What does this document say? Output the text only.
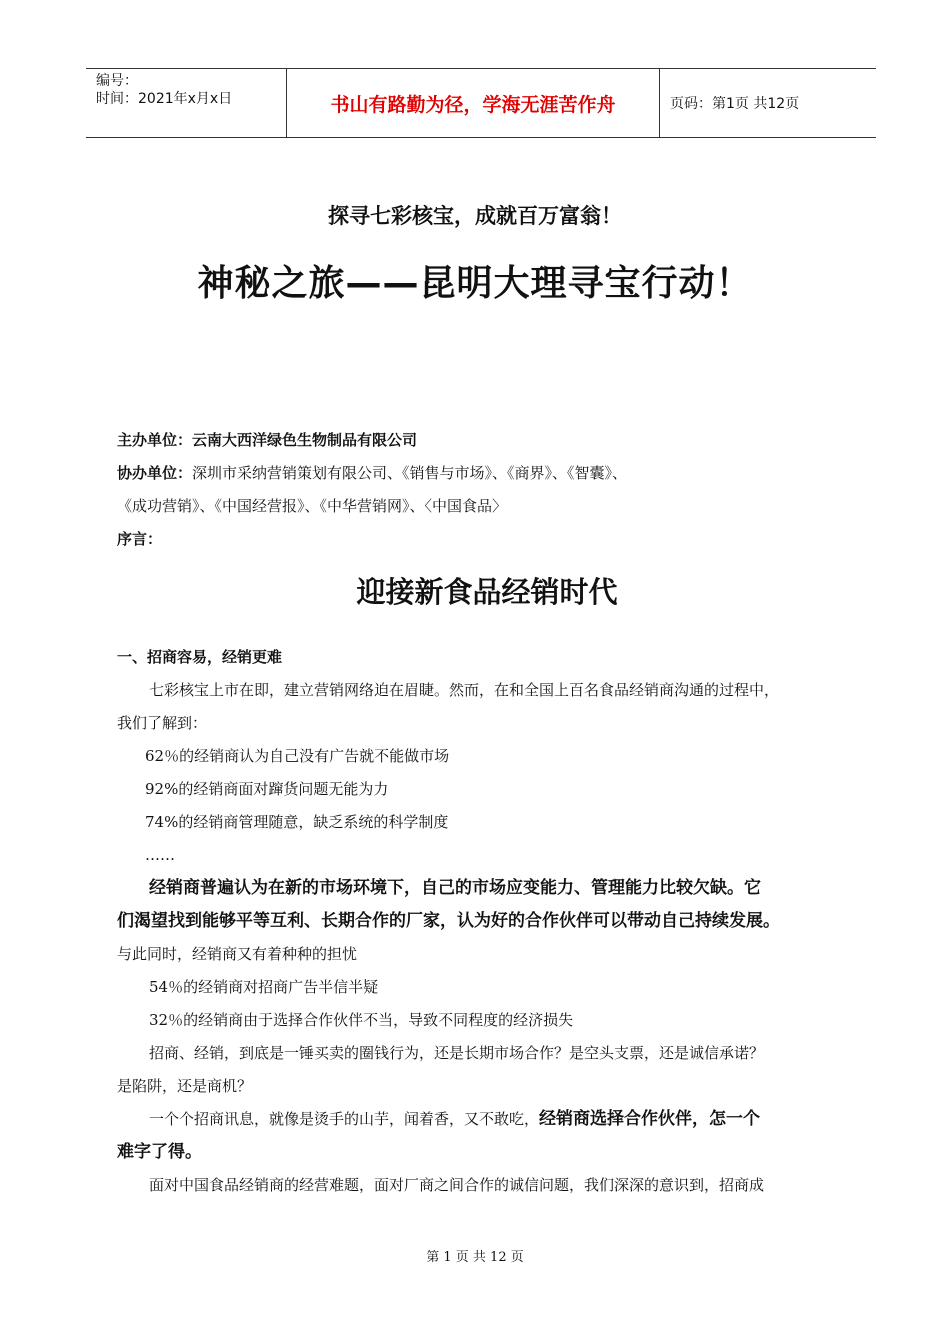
编号：
时间：2021年x月x日	书山有路勤为径，学海无涯苦作舟	页码：第1页 共12页
探寻七彩核宝，成就百万富翁！
神秘之旅——昆明大理寻宝行动！
主办单位：云南大西洋绿色生物制品有限公司
协办单位：深圳市采纳营销策划有限公司、《销售与市场》、《商界》、《智囊》、
《成功营销》、《中国经营报》、《中华营销网》、〈中国食品〉
序言：
迎接新食品经销时代
一、招商容易，经销更难
七彩核宝上市在即，建立营销网络迫在眉睫。然而，在和全国上百名食品经销商沟通的过程中，
我们了解到：
62％的经销商认为自己没有广告就不能做市场
92%的经销商面对蹿货问题无能为力
74%的经销商管理随意，缺乏系统的科学制度
……
经销商普遍认为在新的市场环境下，自己的市场应变能力、管理能力比较欠缺。它
们渴望找到能够平等互利、长期合作的厂家，认为好的合作伙伴可以带动自己持续发展。
与此同时，经销商又有着种种的担忧
54％的经销商对招商广告半信半疑
32％的经销商由于选择合作伙伴不当，导致不同程度的经济损失
招商、经销，到底是一锤买卖的圈钱行为，还是长期市场合作？是空头支票，还是诚信承诺？
是陷阱，还是商机？
一个个招商讯息，就像是烫手的山芋，闻着香，又不敢吃，经销商选择合作伙伴，怎一个
难字了得。
面对中国食品经销商的经营难题，面对厂商之间合作的诚信问题，我们深深的意识到，招商成
第 1 页 共 12 页
